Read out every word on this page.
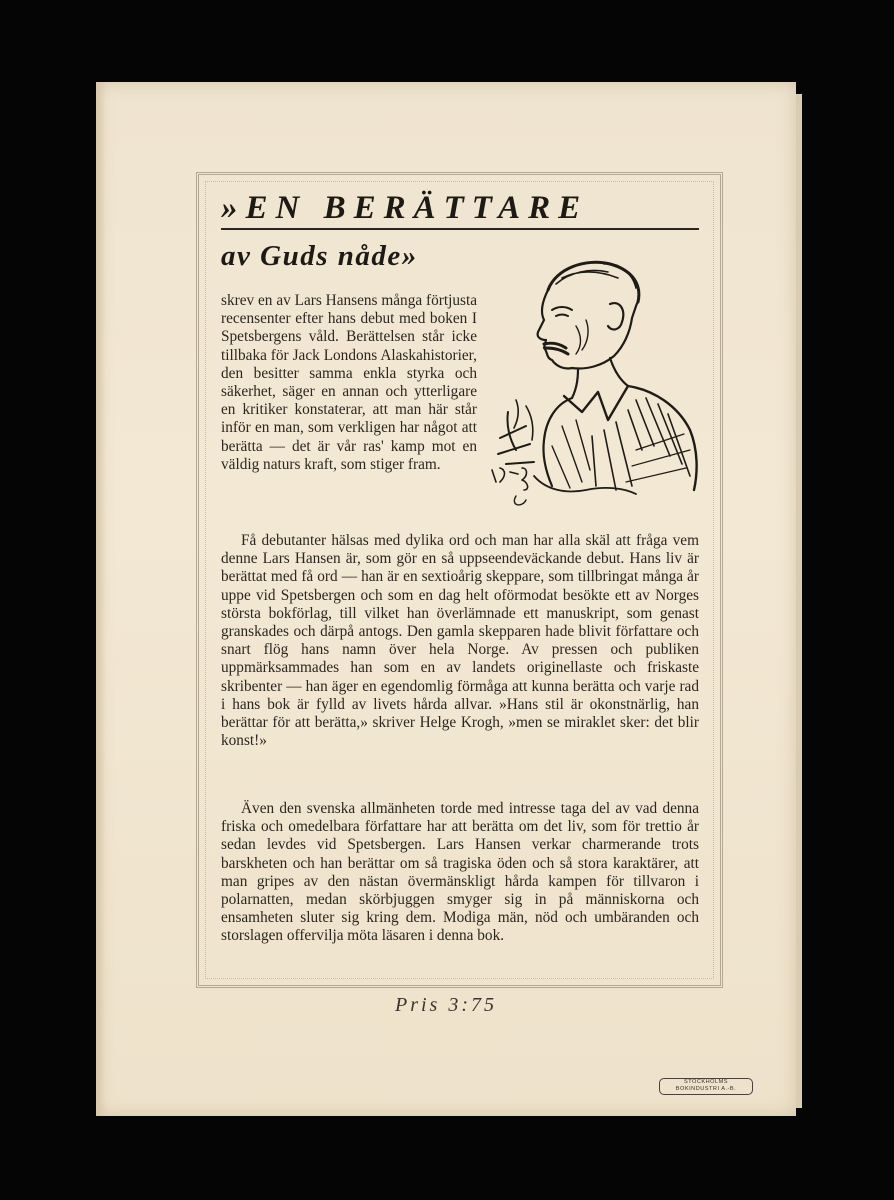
»EN BERÄTTARE
av Guds nåde»

skrev en av Lars Hansens många förtjusta recensenter efter hans debut med boken I Spetsbergens våld. Berättelsen står icke tillbaka för Jack Londons Alaskahistorier, den besitter samma enkla styrka och säkerhet, säger en annan och ytterligare en kritiker konstaterar, att man här står inför en man, som verkligen har något att berätta — det är vår ras' kamp mot en väldig naturs kraft, som stiger fram.

Få debutanter hälsas med dylika ord och man har alla skäl att fråga vem denne Lars Hansen är, som gör en så uppseendeväckande debut. Hans liv är berättat med få ord — han är en sextioårig skeppare, som tillbringat många år uppe vid Spetsbergen och som en dag helt oförmodat besökte ett av Norges största bokförlag, till vilket han överlämnade ett manuskript, som genast granskades och därpå antogs. Den gamla skepparen hade blivit författare och snart flög hans namn över hela Norge. Av pressen och publiken uppmärksammades han som en av landets originellaste och friskaste skribenter — han äger en egendomlig förmåga att kunna berätta och varje rad i hans bok är fylld av livets hårda allvar. »Hans stil är okonstnärlig, han berättar för att berätta,» skriver Helge Krogh, »men se miraklet sker: det blir konst!»

Även den svenska allmänheten torde med intresse taga del av vad denna friska och omedelbara författare har att berätta om det liv, som för trettio år sedan levdes vid Spetsbergen. Lars Hansen verkar charmerande trots barskheten och han berättar om så tragiska öden och så stora karaktärer, att man gripes av den nästan övermänskligt hårda kampen för tillvaron i polarnatten, medan skörbjuggen smyger sig in på människorna och ensamheten sluter sig kring dem. Modiga män, nöd och umbäranden och storslagen offervilja möta läsaren i denna bok.

Pris 3:75

STOCKHOLMS
BOKINDUSTRI A.-B.
